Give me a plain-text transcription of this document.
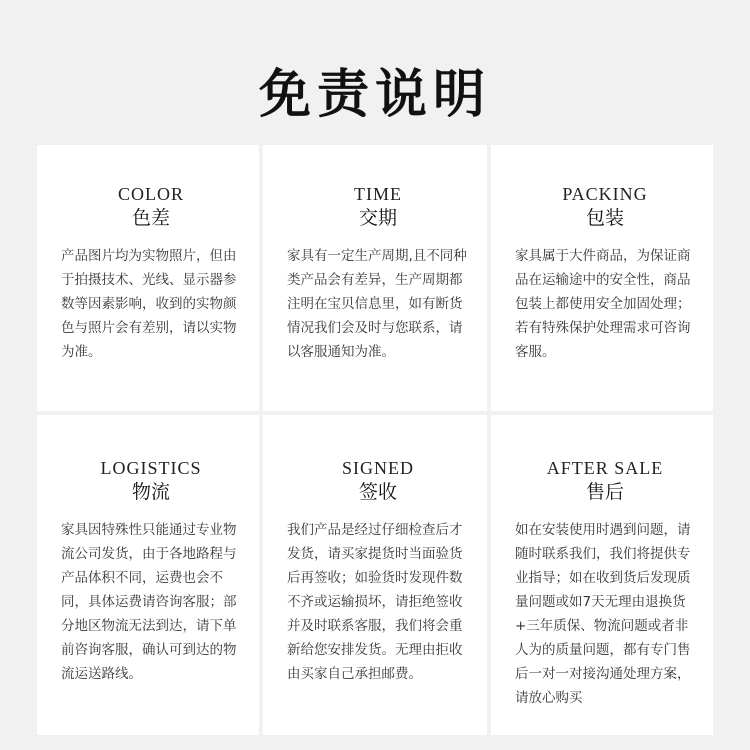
免责说明
COLOR
色差
产品图片均为实物照片，但由于拍摄技术、光线、显示器参数等因素影响，收到的实物颜色与照片会有差别，请以实物为准。
TIME
交期
家具有一定生产周期,且不同种类产品会有差异，生产周期都注明在宝贝信息里，如有断货情况我们会及时与您联系，请以客服通知为准。
PACKING
包装
家具属于大件商品，为保证商品在运输途中的安全性，商品包装上都使用安全加固处理；若有特殊保护处理需求可咨询客服。
LOGISTICS
物流
家具因特殊性只能通过专业物流公司发货，由于各地路程与产品体积不同，运费也会不同，具体运费请咨询客服；部分地区物流无法到达，请下单前咨询客服，确认可到达的物流运送路线。
SIGNED
签收
我们产品是经过仔细检查后才发货，请买家提货时当面验货后再签收；如验货时发现件数不齐或运输损坏，请拒绝签收并及时联系客服，我们将会重新给您安排发货。无理由拒收由买家自己承担邮费。
AFTER SALE
售后
如在安装使用时遇到问题，请随时联系我们，我们将提供专业指导；如在收到货后发现质量问题或如7天无理由退换货+三年质保、物流问题或者非人为的质量问题，都有专门售后一对一对接沟通处理方案，请放心购买
